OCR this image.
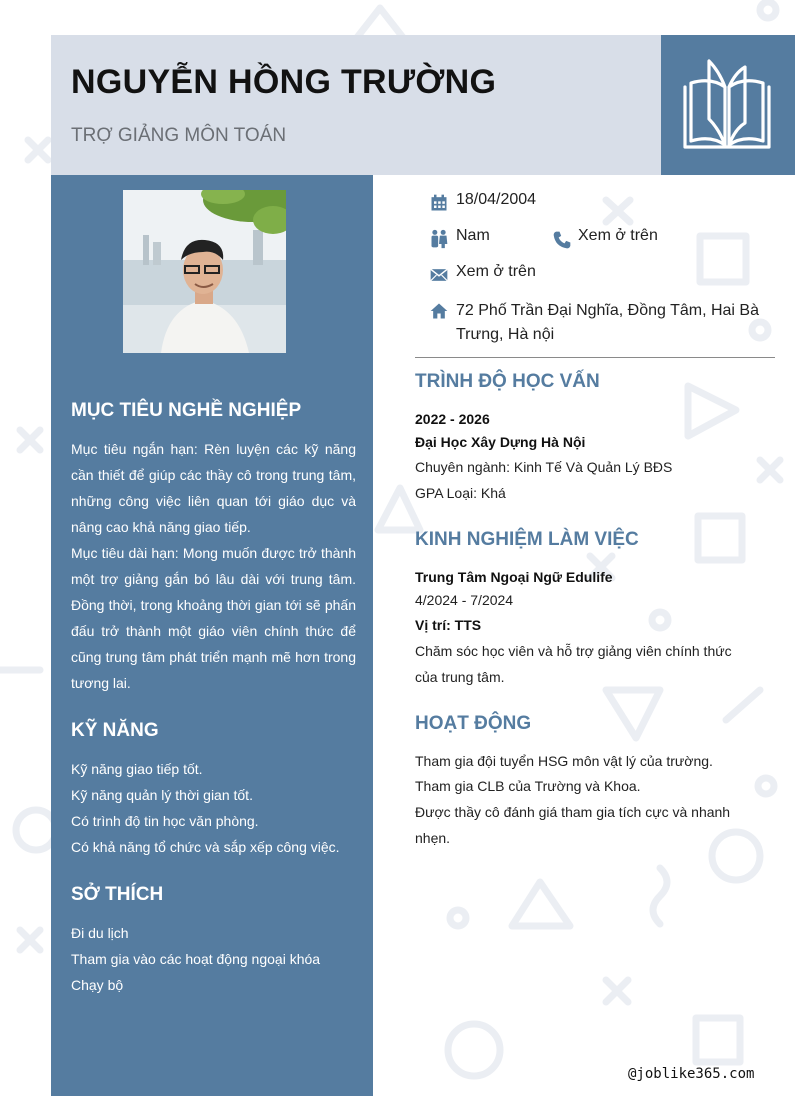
NGUYỄN HỒNG TRƯỜNG
TRỢ GIẢNG MÔN TOÁN
MỤC TIÊU NGHỀ NGHIỆP
Mục tiêu ngắn hạn: Rèn luyện các kỹ năng cần thiết để giúp các thầy cô trong trung tâm, những công việc liên quan tới giáo dục và nâng cao khả năng giao tiếp.
Mục tiêu dài hạn: Mong muốn được trở thành một trợ giảng gắn bó lâu dài với trung tâm. Đồng thời, trong khoảng thời gian tới sẽ phấn đấu trở thành một giáo viên chính thức để cũng trung tâm phát triển mạnh mẽ hơn trong tương lai.
KỸ NĂNG
Kỹ năng giao tiếp tốt.
Kỹ năng quản lý thời gian tốt.
Có trình độ tin học văn phòng.
Có khả năng tổ chức và sắp xếp công việc.
SỞ THÍCH
Đi du lịch
Tham gia vào các hoạt động ngoại khóa
Chạy bộ
18/04/2004
Nam	Xem ở trên
Xem ở trên
72 Phố Trần Đại Nghĩa, Đồng Tâm, Hai Bà Trưng, Hà nội
TRÌNH ĐỘ HỌC VẤN
2022 - 2026
Đại Học Xây Dựng Hà Nội
Chuyên ngành: Kinh Tế Và Quản Lý BĐS
GPA Loại: Khá
KINH NGHIỆM LÀM VIỆC
Trung Tâm Ngoại Ngữ Edulife
4/2024 - 7/2024
Vị trí: TTS
Chăm sóc học viên và hỗ trợ giảng viên chính thức
của trung tâm.
HOẠT ĐỘNG
Tham gia đội tuyển HSG môn vật lý của trường.
Tham gia CLB của Trường và Khoa.
Được thầy cô đánh giá tham gia tích cực và nhanh
nhẹn.
@joblike365.com
